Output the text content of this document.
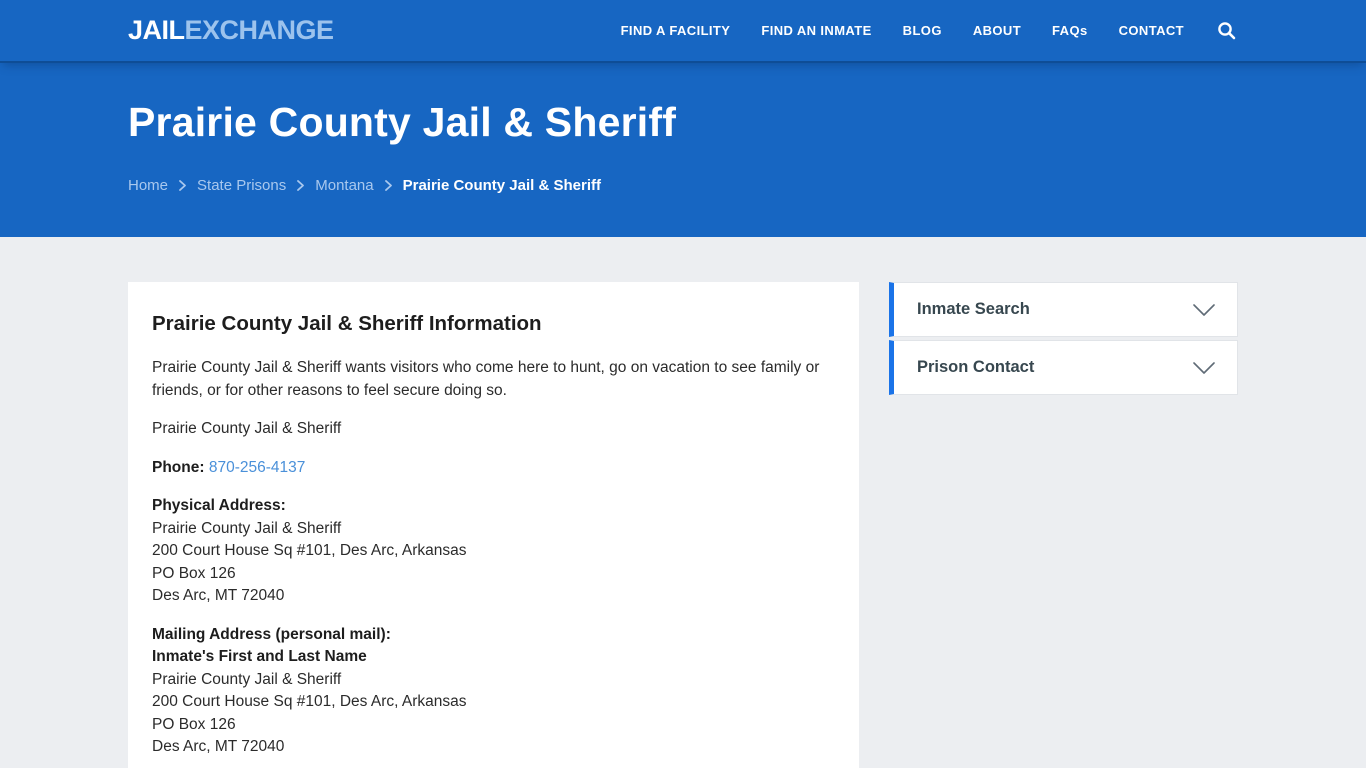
JAILEXCHANGE	FIND A FACILITY FIND AN INMATE BLOG ABOUT FAQs CONTACT
Prairie County Jail & Sheriff
Home State Prisons Montana Prairie County Jail & Sheriff
Prairie County Jail & Sheriff Information

Prairie County Jail & Sheriff wants visitors who come here to hunt, go on vacation to see family or friends, or for other reasons to feel secure doing so.

Prairie County Jail & Sheriff

Phone: 870-256-4137

Physical Address:
Prairie County Jail & Sheriff
200 Court House Sq #101, Des Arc, Arkansas
PO Box 126
Des Arc, MT 72040

Mailing Address (personal mail):
Inmate's First and Last Name
Prairie County Jail & Sheriff
200 Court House Sq #101, Des Arc, Arkansas
PO Box 126
Des Arc, MT 72040

Inmate Search
Prison Contact
